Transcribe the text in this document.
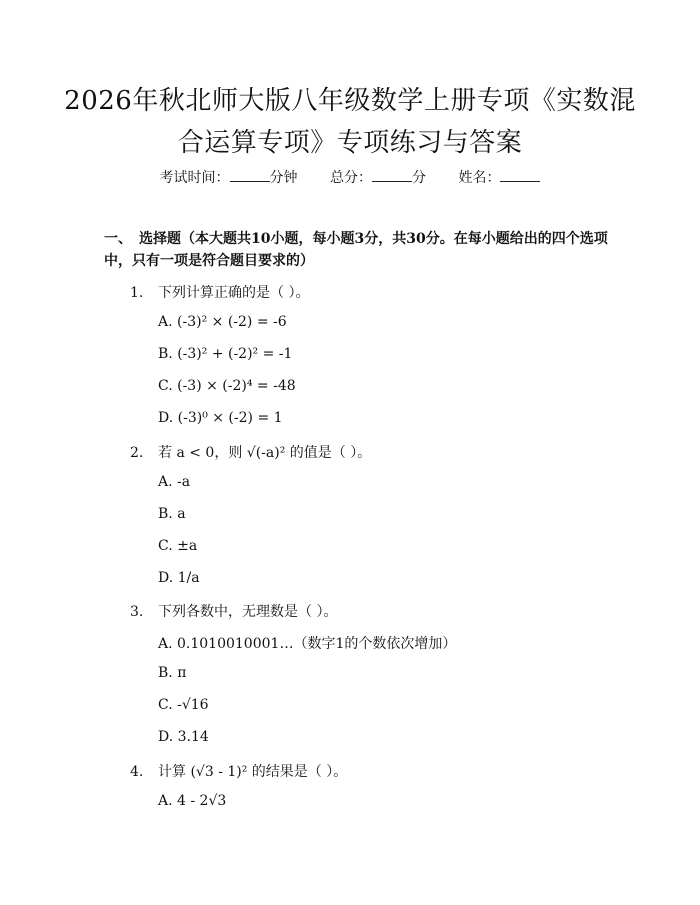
2026年秋北师大版八年级数学上册专项《实数混合运算专项》专项练习与答案
考试时间：	分钟 总分：	分 姓名：
一、　选择题（本大题共10小题，每小题3分，共30分。在每小题给出的四个选项中，只有一项是符合题目要求的）
1. 下列计算正确的是（ ）。
A. (-3)² × (-2) = -6
B. (-3)² + (-2)² = -1
C. (-3) × (-2)⁴ = -48
D. (-3)⁰ × (-2) = 1
2. 若 a < 0，则 √(-a)² 的值是（ ）。
A. -a
B. a
C. ±a
D. 1/a
3. 下列各数中，无理数是（ ）。
A. 0.1010010001…（数字1的个数依次增加）
B. π
C. -√16
D. 3.14
4. 计算 (√3 - 1)² 的结果是（ ）。
A. 4 - 2√3
